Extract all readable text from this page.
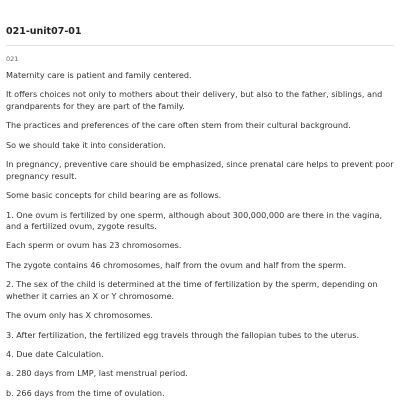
021-unit07-01
021

Maternity care is patient and family centered.

It offers choices not only to mothers about their delivery, but also to the father, siblings, and grandparents for they are part of the family.

The practices and preferences of the care often stem from their cultural background.

So we should take it into consideration.

In pregnancy, preventive care should be emphasized, since prenatal care helps to prevent poor pregnancy result.

Some basic concepts for child bearing are as follows.

1. One ovum is fertilized by one sperm, although about 300,000,000 are there in the vagina, and a fertilized ovum, zygote results.

Each sperm or ovum has 23 chromosomes.

The zygote contains 46 chromosomes, half from the ovum and half from the sperm.

2. The sex of the child is determined at the time of fertilization by the sperm, depending on whether it carries an X or Y chromosome.

The ovum only has X chromosomes.

3. After fertilization, the fertilized egg travels through the fallopian tubes to the uterus.

4. Due date Calculation.

a. 280 days from LMP, last menstrual period.

b. 266 days from the time of ovulation.
